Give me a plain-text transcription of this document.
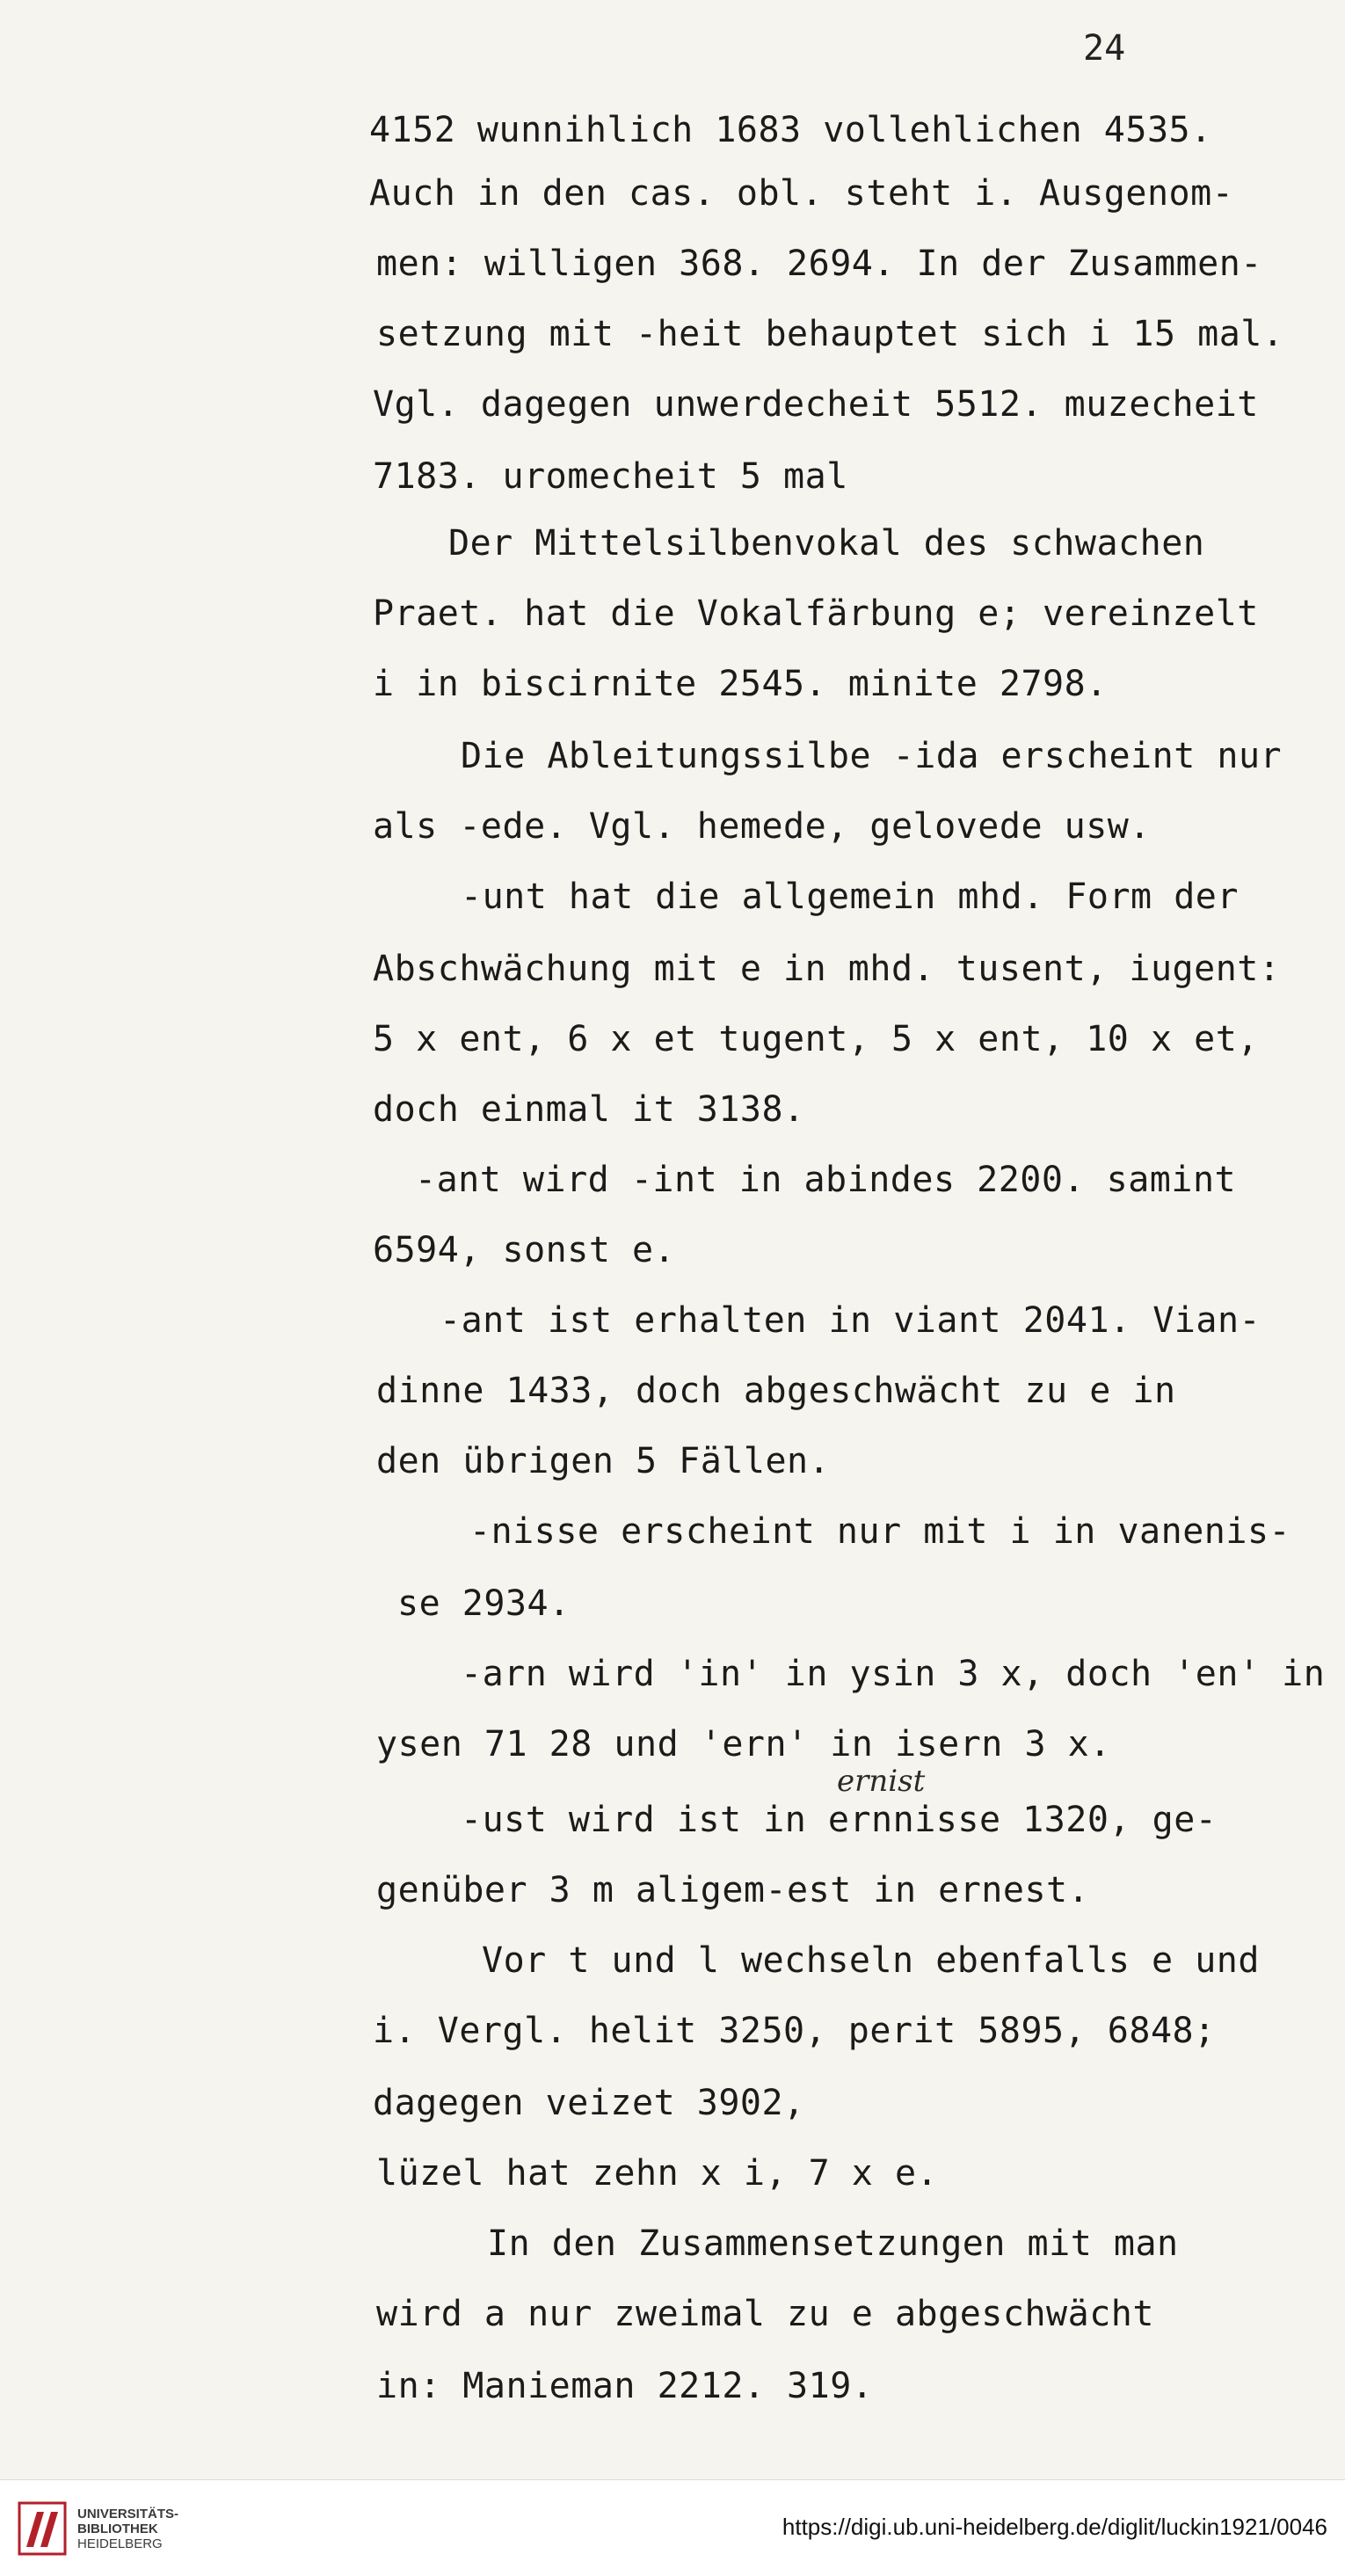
24
ernist
4152 wunnihlich 1683 vollehlichen 4535.
Auch in den cas. obl. steht i. Ausgenom-
men: willigen 368. 2694. In der Zusammen-
setzung mit -heit behauptet sich i 15 mal.
Vgl. dagegen unwerdecheit 5512. muzecheit
7183. uromecheit 5 mal
Der Mittelsilbenvokal des schwachen
Praet. hat die Vokalfärbung e; vereinzelt
i in biscirnite 2545. minite 2798.
Die Ableitungssilbe -ida erscheint nur
als -ede. Vgl. hemede, gelovede usw.
-unt hat die allgemein mhd. Form der
Abschwächung mit e in mhd. tusent, iugent:
5 x ent, 6 x et tugent, 5 x ent, 10 x et,
doch einmal it 3138.
-ant wird -int in abindes 2200. samint
6594, sonst e.
-ant ist erhalten in viant 2041. Vian-
dinne 1433, doch abgeschwächt zu e in
den übrigen 5 Fällen.
-nisse erscheint nur mit i in vanenis-
se 2934.
-arn wird 'in' in ysin 3 x, doch 'en' in
ysen 71 28 und 'ern' in isern 3 x.
-ust wird ist in ernnisse 1320, ge-
genüber 3 m aligem-est in ernest.
Vor t und l wechseln ebenfalls e und
i. Vergl. helit 3250, perit 5895, 6848;
dagegen veizet 3902,
lüzel hat zehn x i, 7 x e.
In den Zusammensetzungen mit man
wird a nur zweimal zu e abgeschwächt
in: Manieman 2212. 319.
UNIVERSITÄTS-
BIBLIOTHEK
HEIDELBERG
https://digi.ub.uni-heidelberg.de/diglit/luckin1921/0046
